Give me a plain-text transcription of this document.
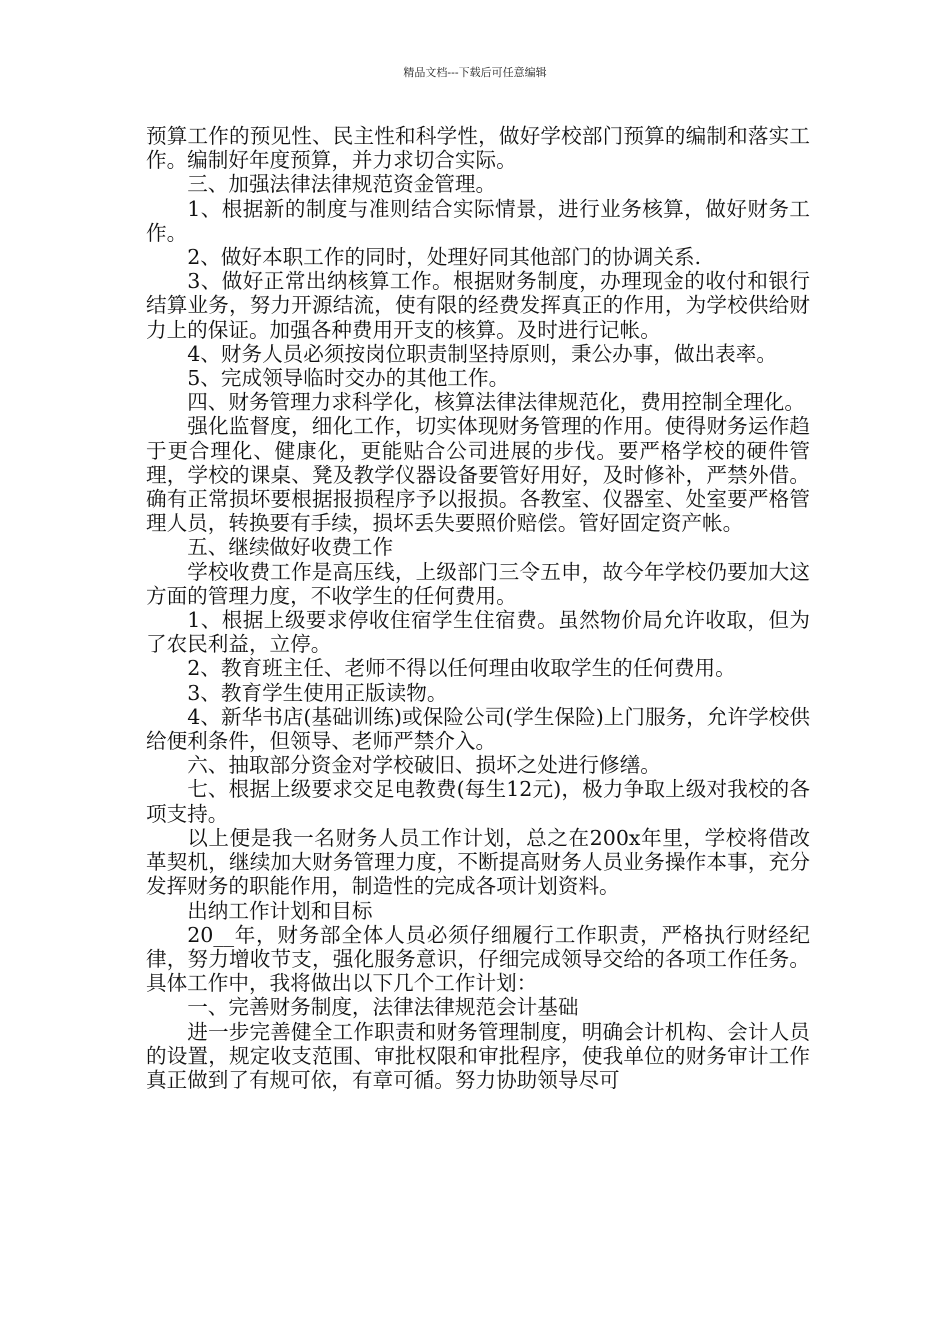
精品文档---下载后可任意编辑

预算工作的预见性、民主性和科学性，做好学校部门预算的编制和落实工作。编制好年度预算，并力求切合实际。

三、加强法律法律规范资金管理。

1、根据新的制度与准则结合实际情景，进行业务核算，做好财务工作。

2、做好本职工作的同时，处理好同其他部门的协调关系.

3、做好正常出纳核算工作。根据财务制度，办理现金的收付和银行结算业务，努力开源结流，使有限的经费发挥真正的作用，为学校供给财力上的保证。加强各种费用开支的核算。及时进行记帐。

4、财务人员必须按岗位职责制坚持原则，秉公办事，做出表率。

5、完成领导临时交办的其他工作。

四、财务管理力求科学化，核算法律法律规范化，费用控制全理化。

强化监督度，细化工作，切实体现财务管理的作用。使得财务运作趋于更合理化、健康化，更能贴合公司进展的步伐。要严格学校的硬件管理，学校的课桌、凳及教学仪器设备要管好用好，及时修补，严禁外借。确有正常损坏要根据报损程序予以报损。各教室、仪器室、处室要严格管理人员，转换要有手续，损坏丢失要照价赔偿。管好固定资产帐。

五、继续做好收费工作

学校收费工作是高压线，上级部门三令五申，故今年学校仍要加大这方面的管理力度，不收学生的任何费用。

1、根据上级要求停收住宿学生住宿费。虽然物价局允许收取，但为了农民利益，立停。

2、教育班主任、老师不得以任何理由收取学生的任何费用。

3、教育学生使用正版读物。

4、新华书店(基础训练)或保险公司(学生保险)上门服务，允许学校供给便利条件，但领导、老师严禁介入。

六、抽取部分资金对学校破旧、损坏之处进行修缮。

七、根据上级要求交足电教费(每生12元)，极力争取上级对我校的各项支持。

以上便是我一名财务人员工作计划，总之在200x年里，学校将借改革契机，继续加大财务管理力度，不断提高财务人员业务操作本事，充分发挥财务的职能作用，制造性的完成各项计划资料。

出纳工作计划和目标

20__年，财务部全体人员必须仔细履行工作职责，严格执行财经纪律，努力增收节支，强化服务意识，仔细完成领导交给的各项工作任务。具体工作中，我将做出以下几个工作计划：

一、完善财务制度，法律法律规范会计基础

进一步完善健全工作职责和财务管理制度，明确会计机构、会计人员的设置，规定收支范围、审批权限和审批程序，使我单位的财务审计工作真正做到了有规可依，有章可循。努力协助领导尽可
